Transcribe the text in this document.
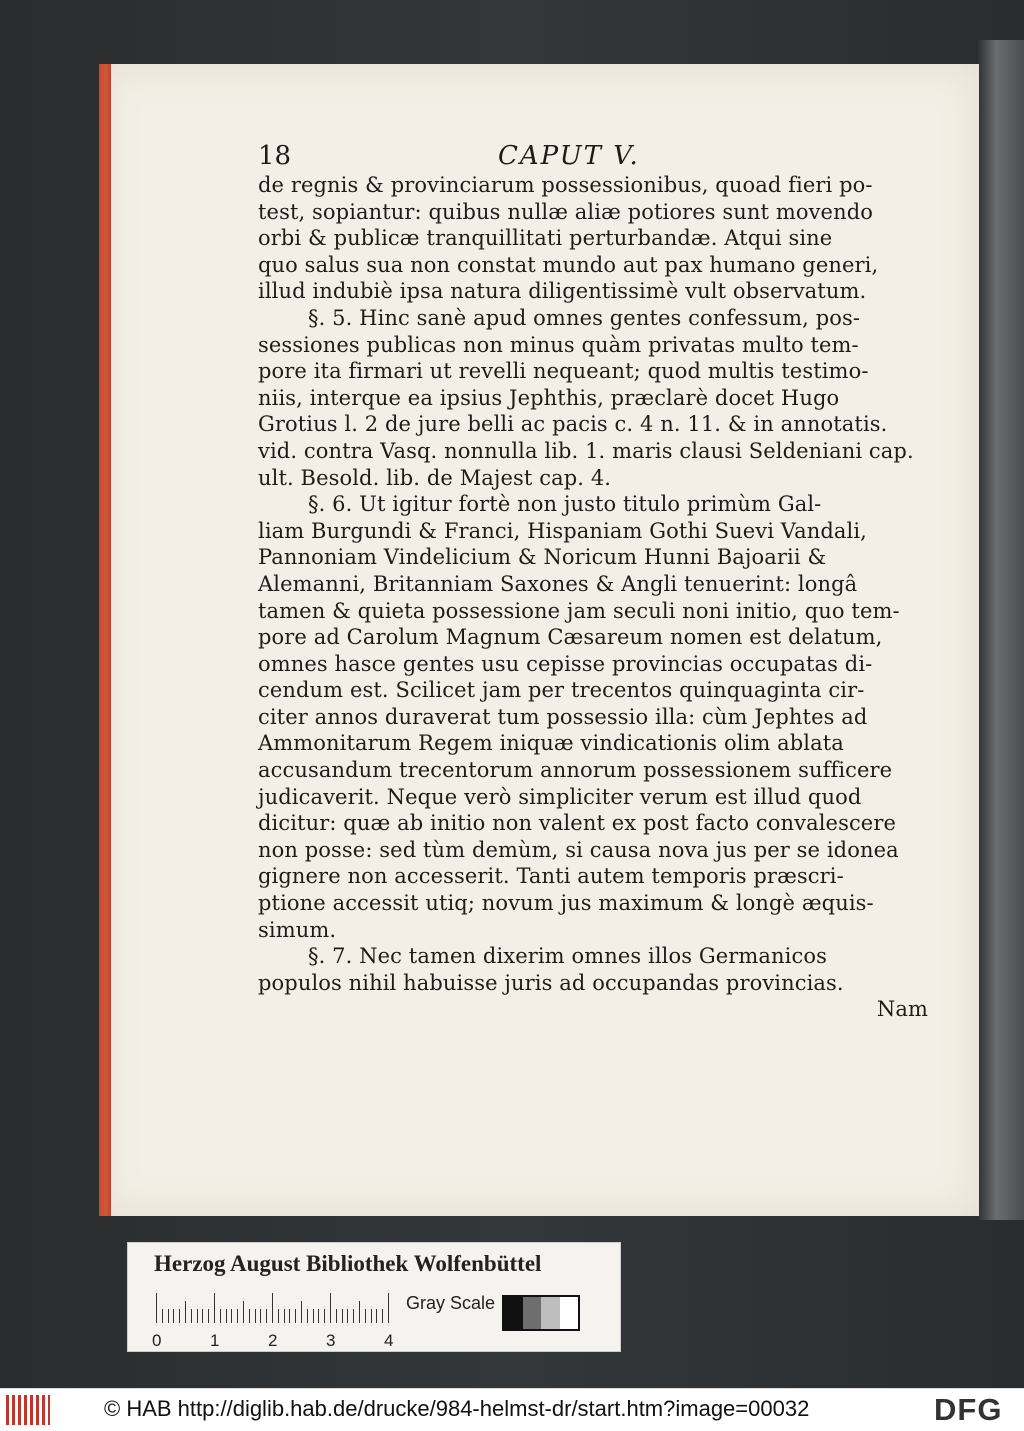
18	CAPUT V.
de regnis & provinciarum possessionibus, quoad fieri po-
test, sopiantur: quibus nullæ aliæ potiores sunt movendo
orbi & publicæ tranquillitati perturbandæ. Atqui sine
quo salus sua non constat mundo aut pax humano generi,
illud indubiè ipsa natura diligentissimè vult observatum.
§. 5. Hinc sanè apud omnes gentes confessum, pos-
sessiones publicas non minus quàm privatas multo tem-
pore ita firmari ut revelli nequeant; quod multis testimo-
niis, interque ea ipsius Jephthis, præclarè docet Hugo
Grotius l. 2 de jure belli ac pacis c. 4 n. 11. & in annotatis.
vid. contra Vasq. nonnulla lib. 1. maris clausi Seldeniani cap.
ult. Besold. lib. de Majest cap. 4.
§. 6. Ut igitur fortè non justo titulo primùm Gal-
liam Burgundi & Franci, Hispaniam Gothi Suevi Vandali,
Pannoniam Vindelicium & Noricum Hunni Bajoarii &
Alemanni, Britanniam Saxones & Angli tenuerint: longâ
tamen & quieta possessione jam seculi noni initio, quo tem-
pore ad Carolum Magnum Cæsareum nomen est delatum,
omnes hasce gentes usu cepisse provincias occupatas di-
cendum est. Scilicet jam per trecentos quinquaginta cir-
citer annos duraverat tum possessio illa: cùm Jephtes ad
Ammonitarum Regem iniquæ vindicationis olim ablata
accusandum trecentorum annorum possessionem sufficere
judicaverit. Neque verò simpliciter verum est illud quod
dicitur: quæ ab initio non valent ex post facto convalescere
non posse: sed tùm demùm, si causa nova jus per se idonea
gignere non accesserit. Tanti autem temporis præscri-
ptione accessit utiq; novum jus maximum & longè æquis-
simum.
§. 7. Nec tamen dixerim omnes illos Germanicos
populos nihil habuisse juris ad occupandas provincias.
Nam
Herzog August Bibliothek Wolfenbüttel
0	1	2	3	4
Gray Scale
© HAB http://diglib.hab.de/drucke/984-helmst-dr/start.htm?image=00032	DFG
